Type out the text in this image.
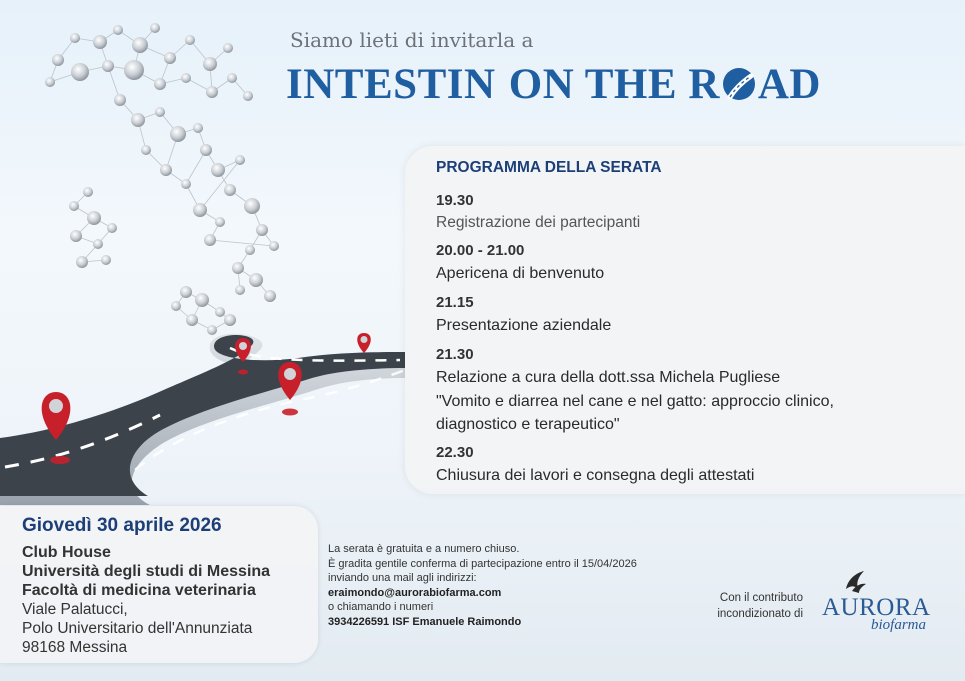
Siamo lieti di invitarla a
INTESTIN ON THE R AD
PROGRAMMA DELLA SERATA
19.30
Registrazione dei partecipanti
20.00 - 21.00
Apericena di benvenuto
21.15
Presentazione aziendale
21.30
Relazione a cura della dott.ssa Michela Pugliese
"Vomito e diarrea nel cane e nel gatto: approccio clinico,
diagnostico e terapeutico"
22.30
Chiusura dei lavori e consegna degli attestati
Giovedì 30 aprile 2026
Club House
Università degli studi di Messina
Facoltà di medicina veterinaria
Viale Palatucci,
Polo Universitario dell'Annunziata
98168 Messina
La serata è gratuita e a numero chiuso.
È gradita gentile conferma di partecipazione entro il 15/04/2026
inviando una mail agli indirizzi:
eraimondo@aurorabiofarma.com
o chiamando i numeri
3934226591 ISF Emanuele Raimondo
Con il contributo
incondizionato di AURORA
biofarma
